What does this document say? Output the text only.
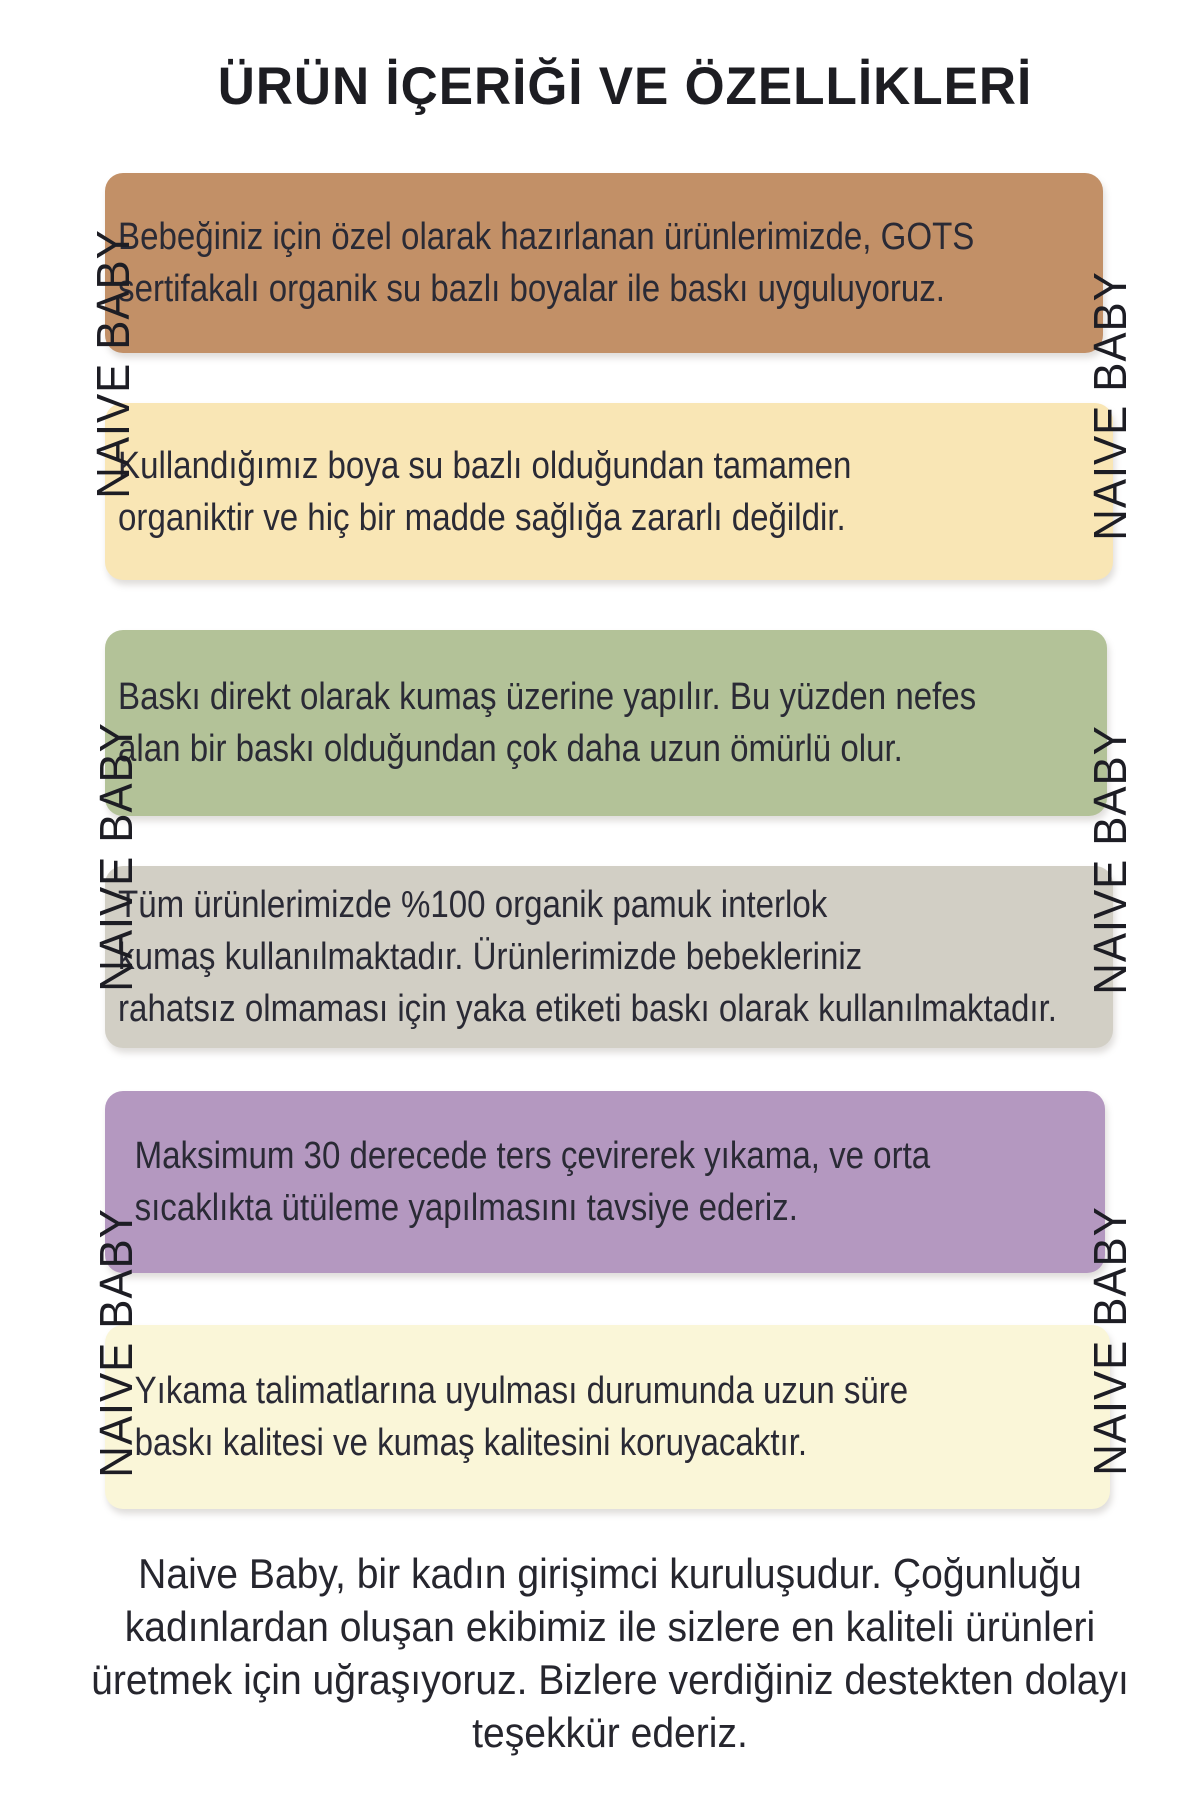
ÜRÜN İÇERİĞİ VE ÖZELLİKLERİ
Bebeğiniz için özel olarak hazırlanan ürünlerimizde, GOTS
sertifakalı organik su bazlı boyalar ile baskı uyguluyoruz.
Kullandığımız boya su bazlı olduğundan tamamen
organiktir ve hiç bir madde sağlığa zararlı değildir.
Baskı direkt olarak kumaş üzerine yapılır. Bu yüzden nefes
alan bir baskı olduğundan çok daha uzun ömürlü olur.
Tüm ürünlerimizde %100 organik pamuk interlok
kumaş kullanılmaktadır. Ürünlerimizde bebekleriniz
rahatsız olmaması için yaka etiketi baskı olarak kullanılmaktadır.
Maksimum 30 derecede ters çevirerek yıkama, ve orta
sıcaklıkta ütüleme yapılmasını tavsiye ederiz.
Yıkama talimatlarına uyulması durumunda uzun süre
baskı kalitesi ve kumaş kalitesini koruyacaktır.
NAIVE BABY	NAIVE BABY
NAIVE BABY	NAIVE BABY
NAIVE BABY	NAIVE BABY
Naive Baby, bir kadın girişimci kuruluşudur. Çoğunluğu
kadınlardan oluşan ekibimiz ile sizlere en kaliteli ürünleri
üretmek için uğraşıyoruz. Bizlere verdiğiniz destekten dolayı
teşekkür ederiz.
